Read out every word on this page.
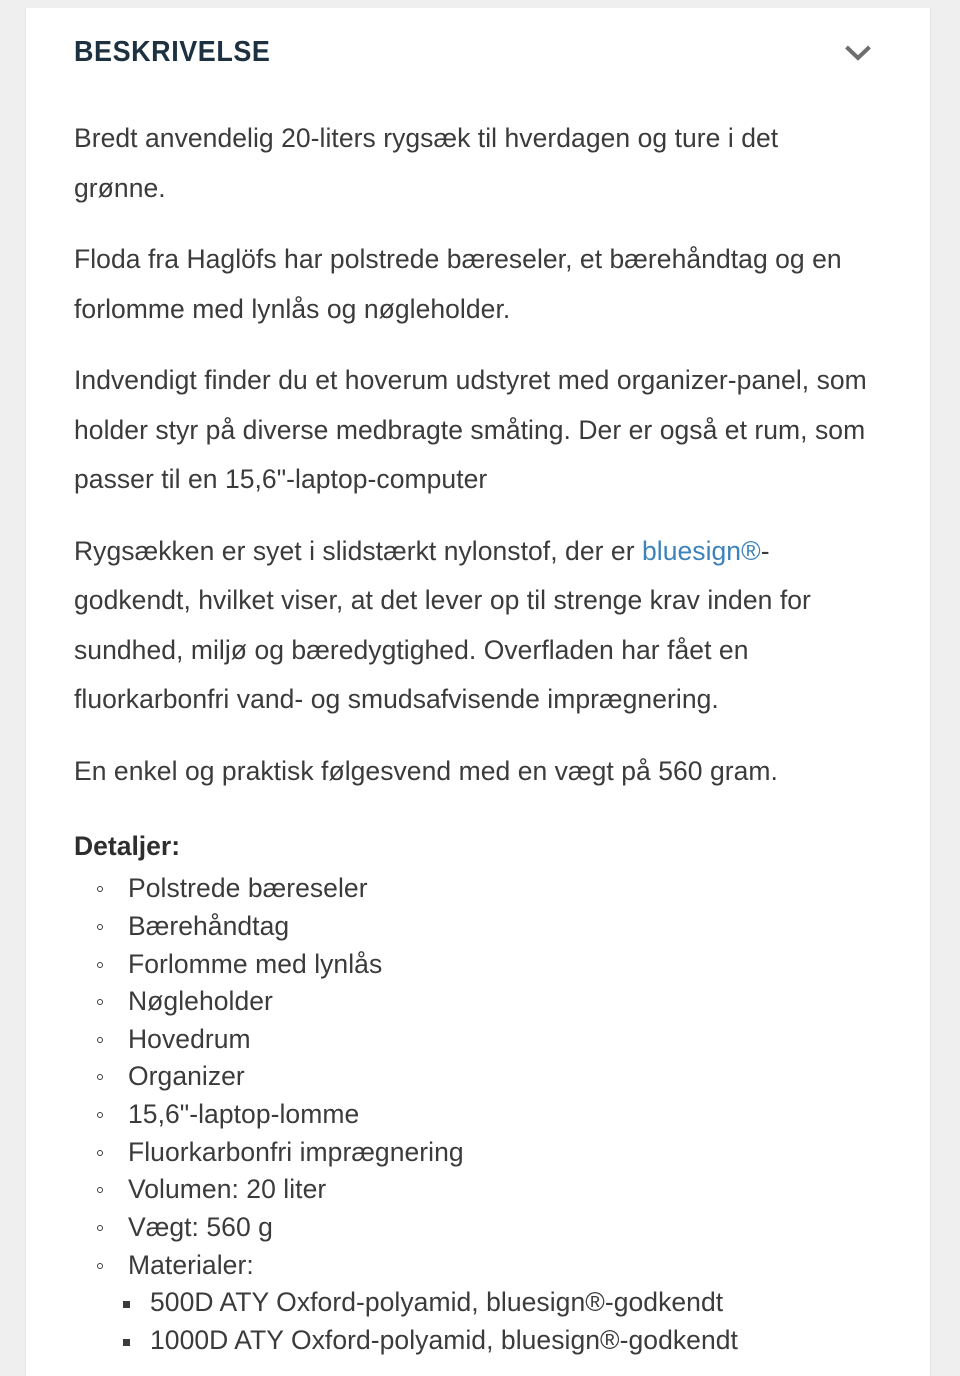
BESKRIVELSE

Bredt anvendelig 20-liters rygsæk til hverdagen og ture i det grønne.

Floda fra Haglöfs har polstrede bæreseler, et bærehåndtag og en forlomme med lynlås og nøgleholder.

Indvendigt finder du et hoverum udstyret med organizer-panel, som holder styr på diverse medbragte småting. Der er også et rum, som passer til en 15,6"-laptop-computer

Rygsækken er syet i slidstærkt nylonstof, der er bluesign®-godkendt, hvilket viser, at det lever op til strenge krav inden for sundhed, miljø og bæredygtighed. Overfladen har fået en fluorkarbonfri vand- og smudsafvisende imprægnering.

En enkel og praktisk følgesvend med en vægt på 560 gram.

Detaljer:

Polstrede bæreseler
Bærehåndtag
Forlomme med lynlås
Nøgleholder
Hovedrum
Organizer
15,6"-laptop-lomme
Fluorkarbonfri imprægnering
Volumen: 20 liter
Vægt: 560 g
Materialer:
500D ATY Oxford-polyamid, bluesign®-godkendt
1000D ATY Oxford-polyamid, bluesign®-godkendt
